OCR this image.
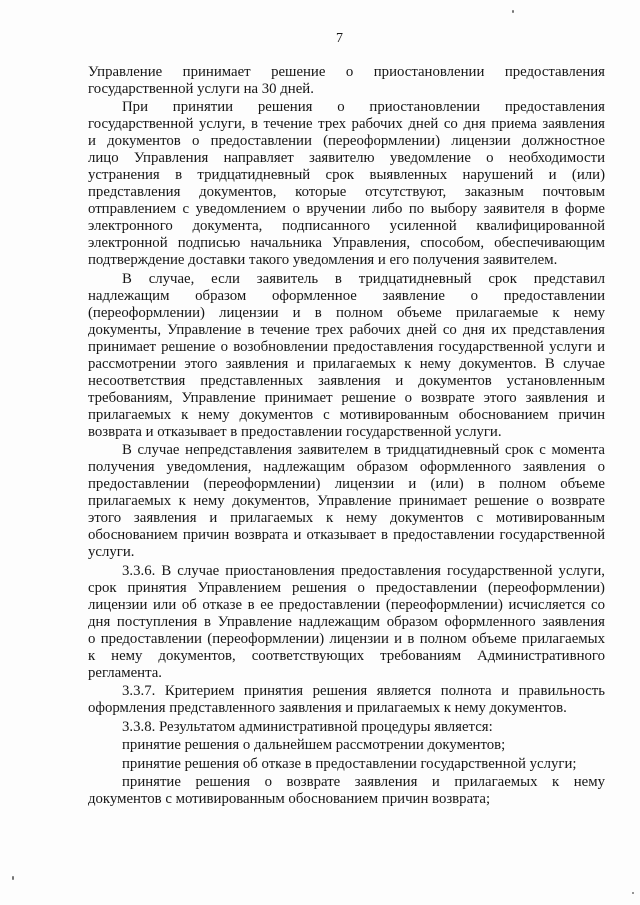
7
Управление принимает решение о приостановлении предоставления
государственной услуги на 30 дней.
При принятии решения о приостановлении предоставления
государственной услуги, в течение трех рабочих дней со дня приема заявления
и документов о предоставлении (переоформлении) лицензии должностное
лицо Управления направляет заявителю уведомление о необходимости
устранения в тридцатидневный срок выявленных нарушений и (или)
представления документов, которые отсутствуют, заказным почтовым
отправлением с уведомлением о вручении либо по выбору заявителя в форме
электронного документа, подписанного усиленной квалифицированной
электронной подписью начальника Управления, способом, обеспечивающим
подтверждение доставки такого уведомления и его получения заявителем.
В случае, если заявитель в тридцатидневный срок представил
надлежащим образом оформленное заявление о предоставлении
(переоформлении) лицензии и в полном объеме прилагаемые к нему
документы, Управление в течение трех рабочих дней со дня их представления
принимает решение о возобновлении предоставления государственной услуги и
рассмотрении этого заявления и прилагаемых к нему документов. В случае
несоответствия представленных заявления и документов установленным
требованиям, Управление принимает решение о возврате этого заявления и
прилагаемых к нему документов с мотивированным обоснованием причин
возврата и отказывает в предоставлении государственной услуги.
В случае непредставления заявителем в тридцатидневный срок с момента
получения уведомления, надлежащим образом оформленного заявления о
предоставлении (переоформлении) лицензии и (или) в полном объеме
прилагаемых к нему документов, Управление принимает решение о возврате
этого заявления и прилагаемых к нему документов с мотивированным
обоснованием причин возврата и отказывает в предоставлении государственной
услуги.
3.3.6. В случае приостановления предоставления государственной услуги,
срок принятия Управлением решения о предоставлении (переоформлении)
лицензии или об отказе в ее предоставлении (переоформлении) исчисляется со
дня поступления в Управление надлежащим образом оформленного заявления
о предоставлении (переоформлении) лицензии и в полном объеме прилагаемых
к нему документов, соответствующих требованиям Административного
регламента.
3.3.7. Критерием принятия решения является полнота и правильность
оформления представленного заявления и прилагаемых к нему документов.
3.3.8. Результатом административной процедуры является:
принятие решения о дальнейшем рассмотрении документов;
принятие решения об отказе в предоставлении государственной услуги;
принятие решения о возврате заявления и прилагаемых к нему
документов с мотивированным обоснованием причин возврата;
